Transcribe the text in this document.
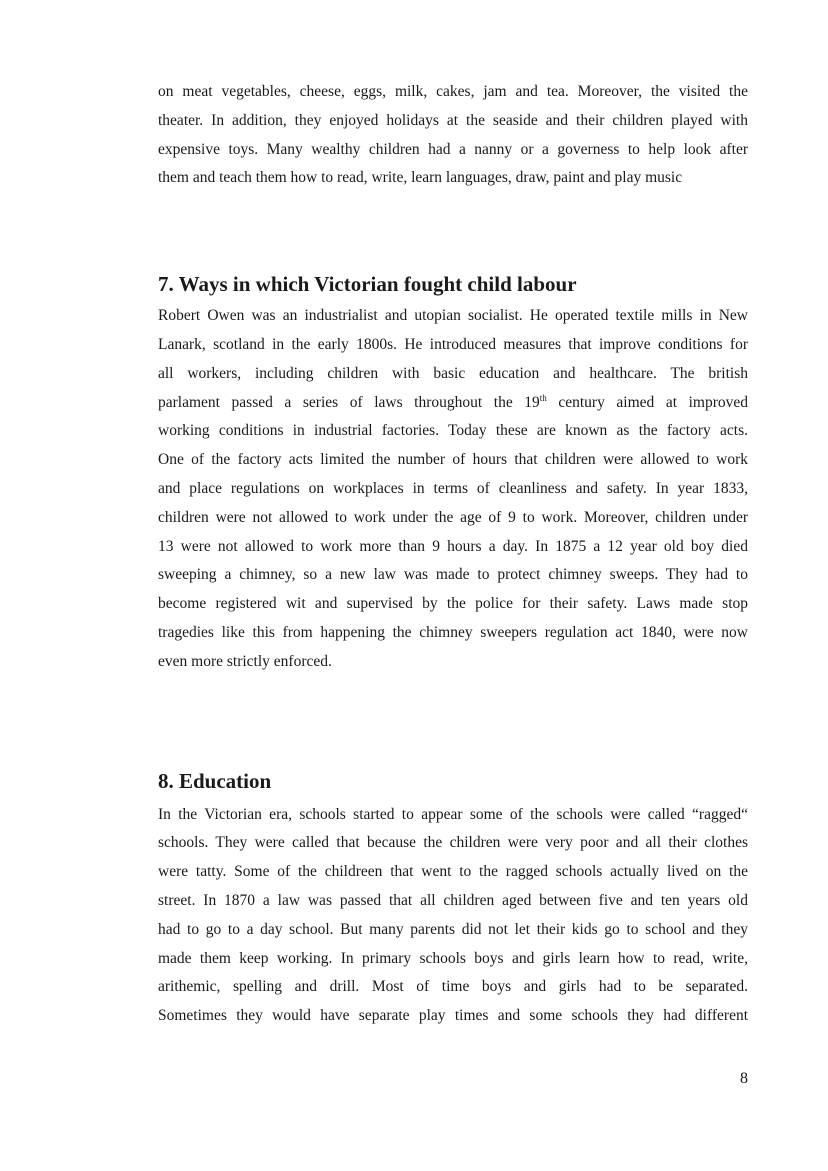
on meat vegetables, cheese, eggs, milk, cakes, jam and tea. Moreover, the visited the
theater. In addition, they enjoyed holidays at the seaside and their children played with
expensive toys. Many wealthy children had a nanny or a governess to help look after
them and teach them how to read, write, learn languages, draw, paint and play music

7. Ways in which Victorian fought child labour

Robert Owen was an industrialist and utopian socialist. He operated textile mills in New
Lanark, scotland in the early 1800s. He introduced measures that improve conditions for
all workers, including children with basic education and healthcare. The british
parlament passed a series of laws throughout the 19th century aimed at improved
working conditions in industrial factories. Today these are known as the factory acts.
One of the factory acts limited the number of hours that children were allowed to work
and place regulations on workplaces in terms of cleanliness and safety. In year 1833,
children were not allowed to work under the age of 9 to work. Moreover, children under
13 were not allowed to work more than 9 hours a day. In 1875 a 12 year old boy died
sweeping a chimney, so a new law was made to protect chimney sweeps. They had to
become registered wit and supervised by the police for their safety. Laws made stop
tragedies like this from happening the chimney sweepers regulation act 1840, were now
even more strictly enforced.

8. Education

In the Victorian era, schools started to appear some of the schools were called “ragged“
schools. They were called that because the children were very poor and all their clothes
were tatty. Some of the childreen that went to the ragged schools actually lived on the
street. In 1870 a law was passed that all children aged between five and ten years old
had to go to a day school. But many parents did not let their kids go to school and they
made them keep working. In primary schools boys and girls learn how to read, write,
arithemic, spelling and drill. Most of time boys and girls had to be separated.
Sometimes they would have separate play times and some schools they had different

8
